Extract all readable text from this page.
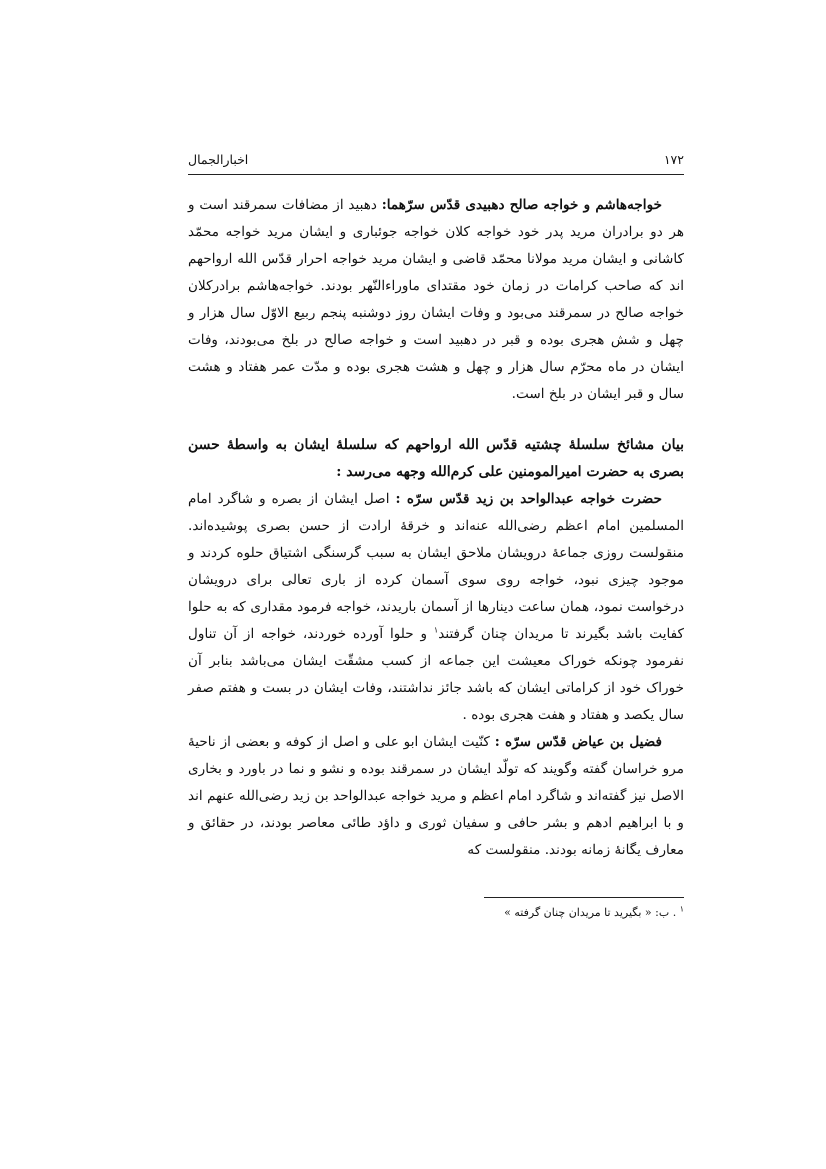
۱۷۲
اخبارالجمال

خواجه‌هاشم و خواجه صالح دهبیدی قدّس سرّهما: دهبید از مضافات سمرقند است و هر دو برادران مرید پدر خود خواجه کلان خواجه جوئباری و ایشان مرید خواجه محمّد کاشانی و ایشان مرید مولانا محمّد قاضی و ایشان مرید خواجه احرار قدّس الله ارواحهم اند که صاحب کرامات در زمان خود مقتدای ماوراءالنّهر بودند. خواجه‌هاشم برادرکلان خواجه صالح در سمرقند می‌بود و وفات ایشان روز دوشنبه پنجم ربیع الاوّل سال هزار و چهل و شش هجری بوده و قبر در دهبید است و خواجه صالح در بلخ می‌بودند، وفات ایشان در ماه محرّم سال هزار و چهل و هشت هجری بوده و مدّت عمر هفتاد و هشت سال و قبر ایشان در بلخ است.

بیان مشائخ سلسلهٔ چشتیه قدّس الله ارواحهم که سلسلهٔ ایشان به واسطهٔ حسن بصری به حضرت امیرالمومنین علی کرم‌الله وجهه می‌رسد :

حضرت خواجه عبدالواحد بن زید قدّس سرّه : اصل ایشان از بصره و شاگرد امام المسلمین امام اعظم رضی‌الله عنه‌اند و خرقهٔ ارادت از حسن بصری پوشیده‌اند. منقولست روزی جماعهٔ درویشان ملاحق ایشان به سبب گرسنگی اشتیاق حلوه کردند و موجود چیزی نبود، خواجه روی سوی آسمان کرده از باری تعالی برای درویشان درخواست نمود، همان ساعت دینارها از آسمان باریدند، خواجه فرمود مقداری که به حلوا کفایت باشد بگیرند تا مریدان چنان گرفتند$^۱$ و حلوا آورده خوردند، خواجه از آن تناول نفرمود چونکه خوراک معیشت این جماعه از کسب مشقّت ایشان می‌باشد بنابر آن خوراک خود از کراماتی ایشان که باشد جائز نداشتند، وفات ایشان در بست و هفتم صفر سال یکصد و هفتاد و هفت هجری بوده .

فضیل بن عیاض قدّس سرّه : کنّیت ایشان ابو علی و اصل از کوفه و بعضی از ناحیهٔ مرو خراسان گفته وگویند که تولّد ایشان در سمرقند بوده و نشو و نما در باورد و بخاری الاصل نیز گفته‌اند و شاگرد امام اعظم و مرید خواجه عبدالواحد بن زید رضی‌الله عنهم اند و با ابراهیم ادهم و بشر حافی و سفیان ثوری و داؤد طائی معاصر بودند، در حقائق و معارف یگانهٔ زمانه بودند. منقولست که

$^۱$ . ب: « بگیرید تا مریدان چنان گرفته »
